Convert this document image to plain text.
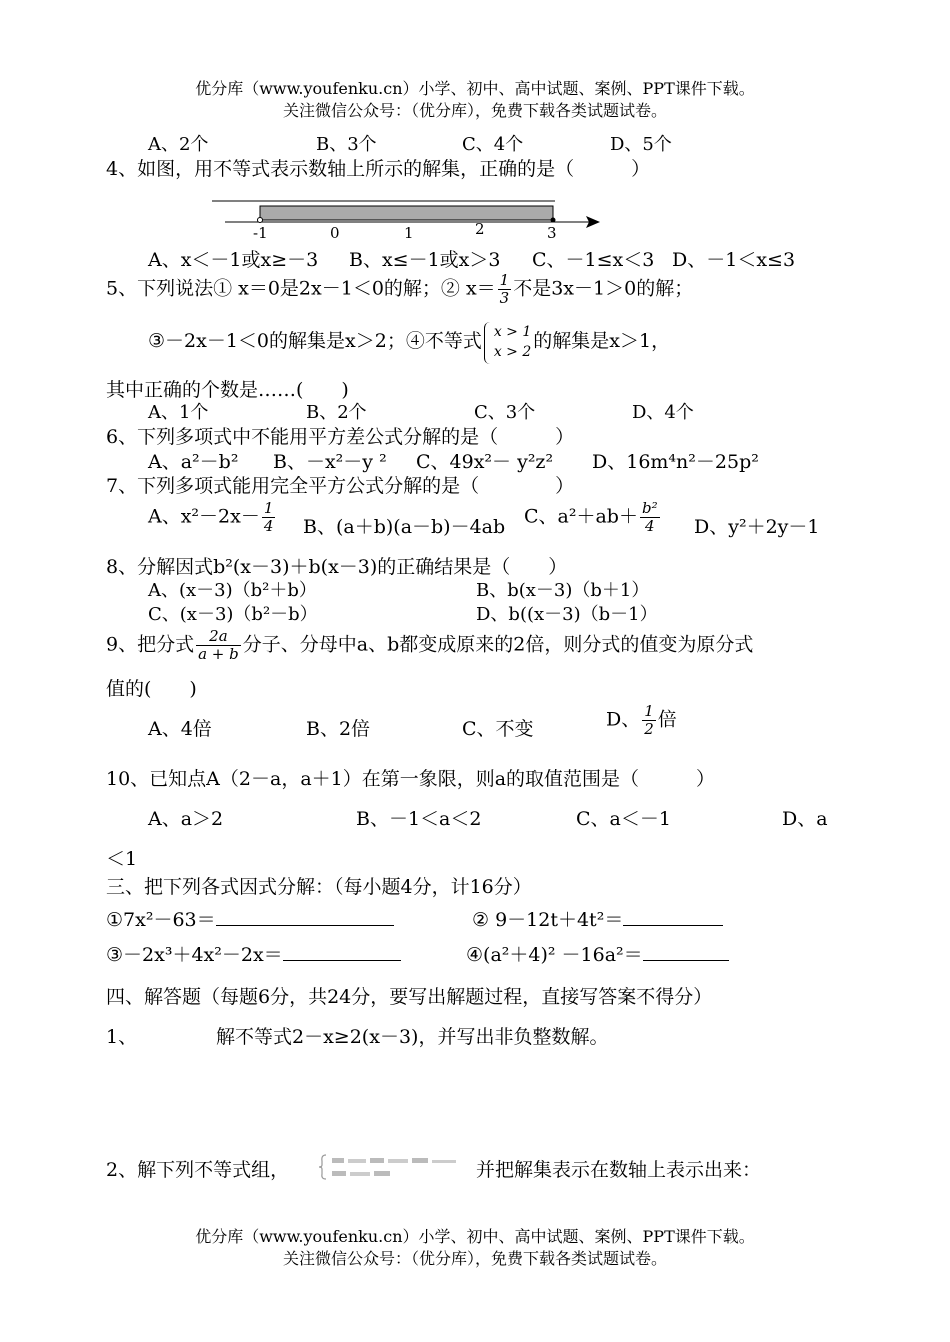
优分库（www.youfenku.cn）小学、初中、高中试题、案例、PPT课件下载。
关注微信公众号：（优分库），免费下载各类试题试卷。
A、2个	B、3个	C、4个	D、5个
4、如图，用不等式表示数轴上所示的解集，正确的是（　　　）
-1	0	1	2	3
A、x＜－1或x≥－3 B、x≤－1或x＞3 C、－1≤x＜3 D、－1＜x≤3
5、下列说法① x＝0是2x－1＜0的解；② $x= \frac{1}{3}$ 不是3x－1＞0的解；
③－2x－1＜0的解集是x＞2；④不等式 x > 1
x > 2 的解集是x＞1，
其中正确的个数是……(　　)
A、1个	B、2个	C、3个	D、4个
6、下列多项式中不能用平方差公式分解的是（　　　）
A、a²－b² B、－x²－y ² C、49x²－ y²z² D、16m⁴n²－25p²
7、下列多项式能用完全平方公式分解的是（　　　　）
A、$x^2-2x- \frac{1}{4}$ B、(a＋b)(a－b)－4ab C、$a^2+ab+ \frac{\text{b²}}{4}$ D、y²＋2y－1
8、分解因式b²(x－3)＋b(x－3)的正确结果是（　　）
A、(x－3)（b²＋b）	B、b(x－3)（b＋1）
C、(x－3)（b²－b）	D、b((x－3)（b－1）
9、把分式 $\frac{2a}{a + b}$ 分子、分母中a、b都变成原来的2倍，则分式的值变为原分式
值的(　　)
A、4倍	B、2倍	C、不变	D、 $\frac{1}{2}$ 倍
10、已知点A（2－a，a＋1）在第一象限，则a的取值范围是（　　　）
A、a＞2	B、－1＜a＜2	C、a＜－1	D、a
＜1
三、把下列各式因式分解：（每小题4分，计16分）
①7x²－63＝	② 9－12t＋4t²＝
③－2x³＋4x²－2x＝	④(a²＋4)² －16a²＝
四、解答题（每题6分，共24分，要写出解题过程，直接写答案不得分）
1、	解不等式2－x≥2(x－3)，并写出非负整数解。
2、解下列不等式组，	并把解集表示在数轴上表示出来：
优分库（www.youfenku.cn）小学、初中、高中试题、案例、PPT课件下载。
关注微信公众号：（优分库），免费下载各类试题试卷。
